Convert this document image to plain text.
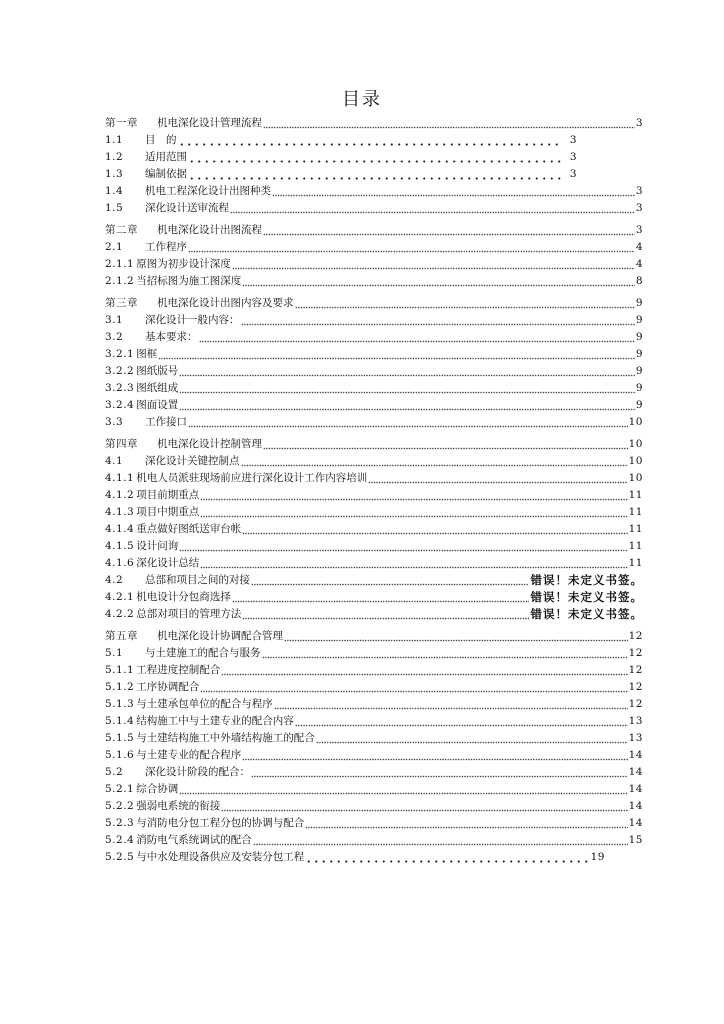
目录
第一章	机电深化设计管理流程	3
1.1	目　的	3
1.2	适用范围	3
1.3	编制依据	3
1.4	机电工程深化设计出图种类	3
1.5	深化设计送审流程	3
第二章	机电深化设计出图流程	3
2.1	工作程序	4
2.1.1 原图为初步设计深度	4
2.1.2 当招标图为施工图深度	8
第三章	机电深化设计出图内容及要求	9
3.1	深化设计一般内容：	9
3.2	基本要求：	9
3.2.1 图框	9
3.2.2 图纸版号	9
3.2.3 图纸组成	9
3.2.4 图面设置	9
3.3	工作接口	10
第四章	机电深化设计控制管理	10
4.1	深化设计关键控制点	10
4.1.1 机电人员派驻现场前应进行深化设计工作内容培训	10
4.1.2 项目前期重点	11
4.1.3 项目中期重点	11
4.1.4 重点做好图纸送审台帐	11
4.1.5 设计问询	11
4.1.6 深化设计总结	11
4.2	总部和项目之间的对接	错误！未定义书签。
4.2.1 机电设计分包商选择	错误！未定义书签。
4.2.2 总部对项目的管理方法	错误！未定义书签。
第五章	机电深化设计协调配合管理	12
5.1	与土建施工的配合与服务	12
5.1.1 工程进度控制配合	12
5.1.2 工序协调配合	12
5.1.3 与土建承包单位的配合与程序	12
5.1.4 结构施工中与土建专业的配合内容	13
5.1.5 与土建结构施工中外墙结构施工的配合	13
5.1.6 与土建专业的配合程序	14
5.2	深化设计阶段的配合：	14
5.2.1 综合协调	14
5.2.2 强弱电系统的衔接	14
5.2.3 与消防电分包工程分包的协调与配合	14
5.2.4 消防电气系统调试的配合	15
5.2.5 与中水处理设备供应及安装分包工程	19
